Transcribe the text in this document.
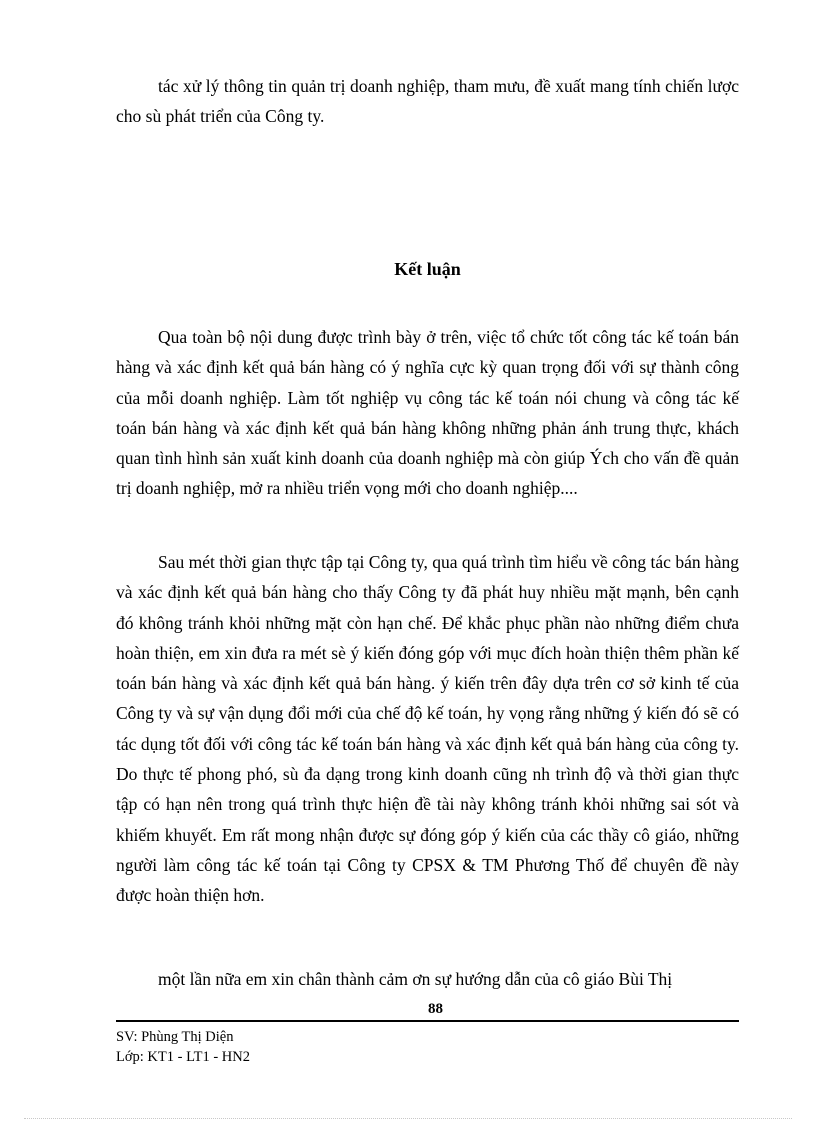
tác xử lý thông tin quản trị doanh nghiệp, tham mưu, đề xuất mang tính chiến lược cho sù phát triển của Công ty.

Kết luận

Qua toàn bộ nội dung được trình bày ở trên, việc tổ chức tốt công tác kế toán bán hàng và xác định kết quả bán hàng có ý nghĩa cực kỳ quan trọng đối với sự thành công của mỗi doanh nghiệp. Làm tốt nghiệp vụ công tác kế toán nói chung và công tác kế toán bán hàng và xác định kết quả bán hàng không những phản ánh trung thực, khách quan tình hình sản xuất kinh doanh của doanh nghiệp mà còn giúp Ých cho vấn đề quản trị doanh nghiệp, mở ra nhiều triển vọng mới cho doanh nghiệp....

Sau mét thời gian thực tập tại Công ty, qua quá trình tìm hiểu về công tác bán hàng và xác định kết quả bán hàng cho thấy Công ty đã phát huy nhiều mặt mạnh, bên cạnh đó không tránh khỏi những mặt còn hạn chế. Để khắc phục phần nào những điểm chưa hoàn thiện, em xin đưa ra mét sè ý kiến đóng góp với mục đích hoàn thiện thêm phần kế toán bán hàng và xác định kết quả bán hàng. ý kiến trên đây dựa trên cơ sở kinh tế của Công ty và sự vận dụng đổi mới của chế độ kế toán, hy vọng rằng những ý kiến đó sẽ có tác dụng tốt đối với công tác kế toán bán hàng và xác định kết quả bán hàng của công ty. Do thực tế phong phó, sù đa dạng trong kinh doanh cũng nh trình độ và thời gian thực tập có hạn nên trong quá trình thực hiện đề tài này không tránh khỏi những sai sót và khiếm khuyết. Em rất mong nhận được sự đóng góp ý kiến của các thầy cô giáo, những người làm công tác kế toán tại Công ty CPSX & TM Phương Thố để chuyên đề này được hoàn thiện hơn.

một lần nữa em xin chân thành cảm ơn sự hướng dẫn của cô giáo Bùi Thị

88
SV: Phùng Thị Diện
Lớp: KT1 - LT1 - HN2
